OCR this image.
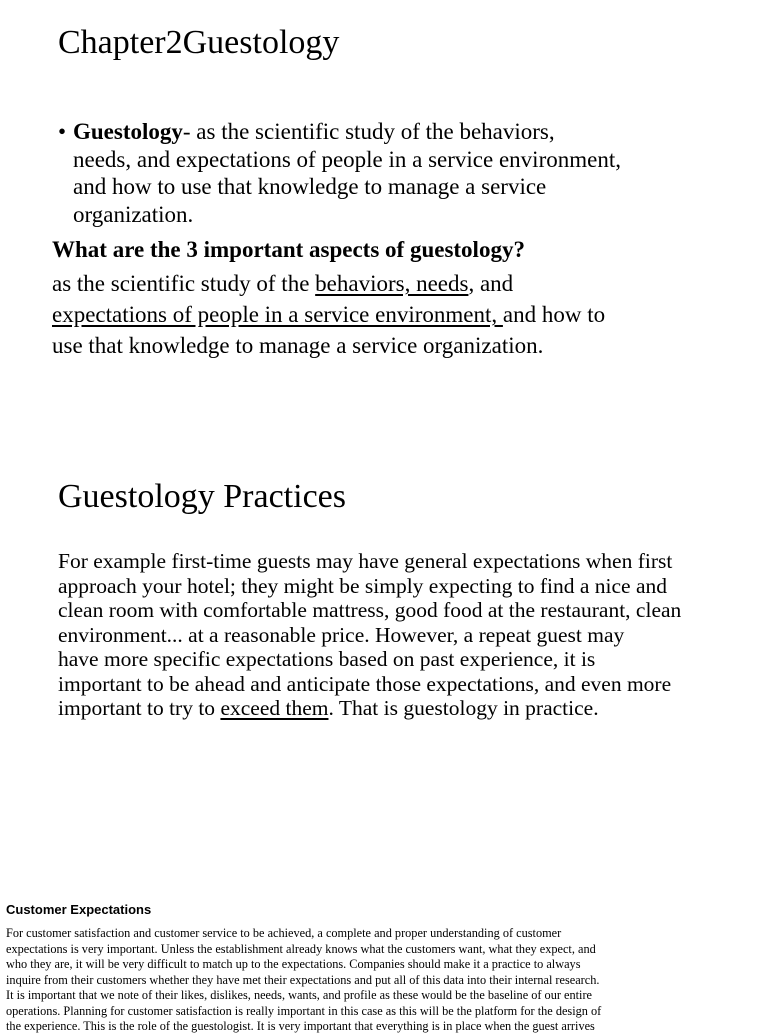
Chapter2Guestology
• Guestology- as the scientific study of the behaviors,
needs, and expectations of people in a service environment,
and how to use that knowledge to manage a service
organization.
What are the 3 important aspects of guestology?
as the scientific study of the behaviors, needs, and
expectations of people in a service environment, and how to
use that knowledge to manage a service organization.
Guestology Practices
For example first-time guests may have general expectations when first
approach your hotel; they might be simply expecting to find a nice and
clean room with comfortable mattress, good food at the restaurant, clean
environment... at a reasonable price. However, a repeat guest may
have more specific expectations based on past experience, it is
important to be ahead and anticipate those expectations, and even more
important to try to exceed them. That is guestology in practice.
Customer Expectations
For customer satisfaction and customer service to be achieved, a complete and proper understanding of customer
expectations is very important. Unless the establishment already knows what the customers want, what they expect, and
who they are, it will be very difficult to match up to the expectations. Companies should make it a practice to always
inquire from their customers whether they have met their expectations and put all of this data into their internal research.
It is important that we note of their likes, dislikes, needs, wants, and profile as these would be the baseline of our entire
operations. Planning for customer satisfaction is really important in this case as this will be the platform for the design of
the experience. This is the role of the guestologist. It is very important that everything is in place when the guest arrives
